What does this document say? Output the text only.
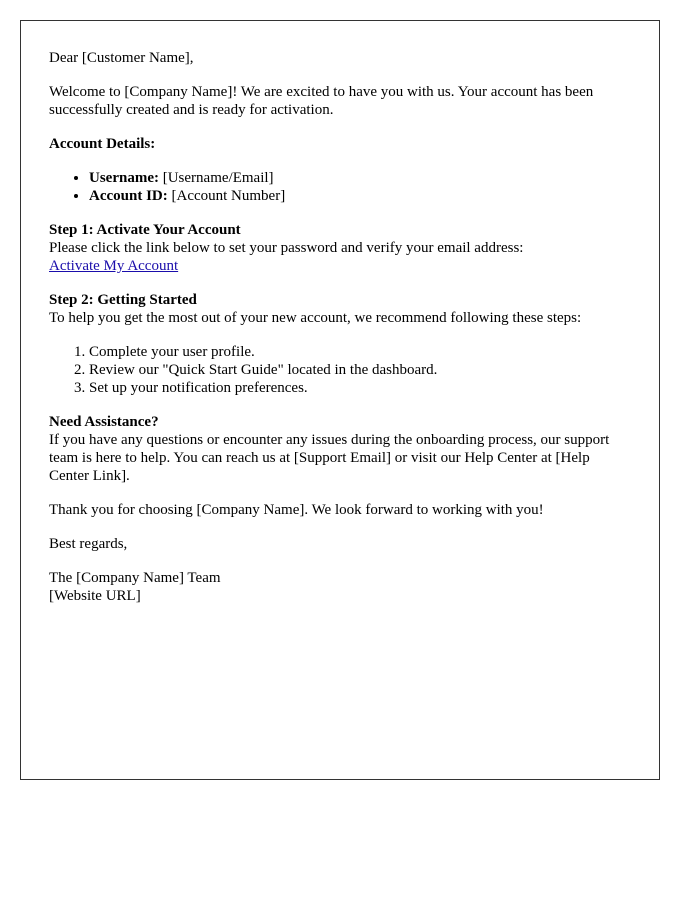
Dear [Customer Name],

Welcome to [Company Name]! We are excited to have you with us. Your account has been successfully created and is ready for activation.

Account Details:

• Username: [Username/Email]
• Account ID: [Account Number]
Step 1: Activate Your Account
Please click the link below to set your password and verify your email address:
Activate My Account
Step 2: Getting Started
To help you get the most out of your new account, we recommend following these steps:
1. Complete your user profile.
2. Review our "Quick Start Guide" located in the dashboard.
3. Set up your notification preferences.
Need Assistance?
If you have any questions or encounter any issues during the onboarding process, our support team is here to help. You can reach us at [Support Email] or visit our Help Center at [Help Center Link].

Thank you for choosing [Company Name]. We look forward to working with you!

Best regards,

The [Company Name] Team
[Website URL]
